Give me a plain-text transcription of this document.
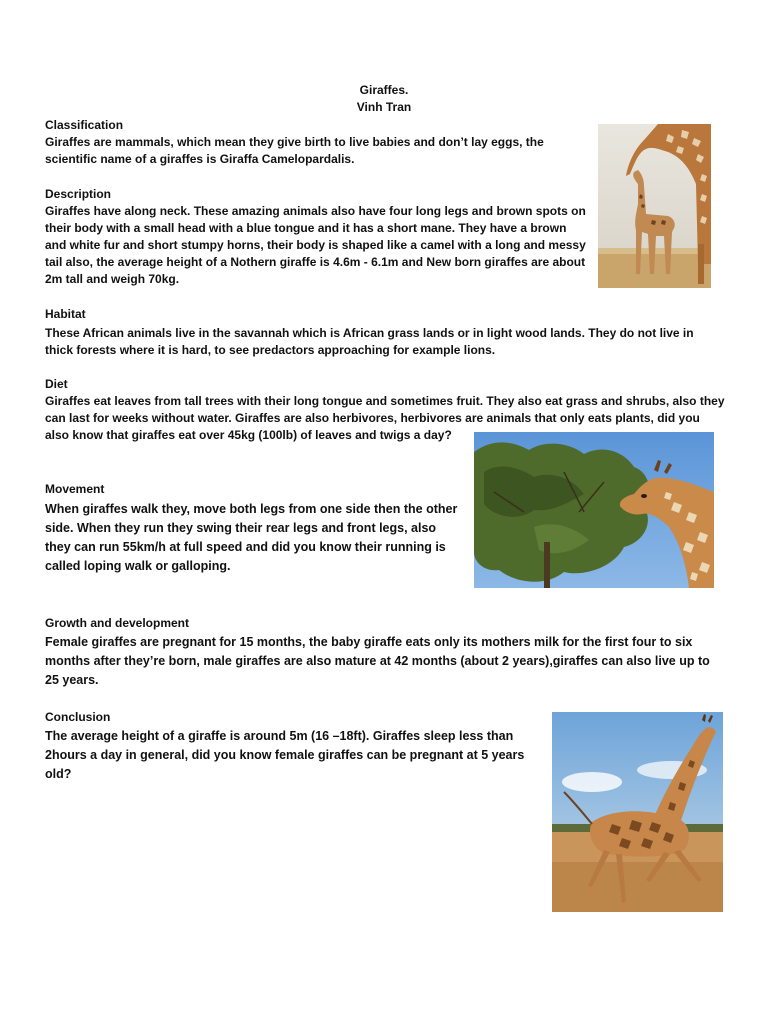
Giraffes.
Vinh Tran
Classification

Giraffes are mammals, which mean they give birth to live babies and don’t lay eggs, the scientific name of a giraffes is Giraffa Camelopardalis.

Description

Giraffes have along neck. These amazing animals also have four long legs and brown spots on their body with a small head with a blue tongue and it has a short mane. They have a brown and white fur and short stumpy horns, their body is shaped like a camel with a long and messy tail also, the average height of a Nothern giraffe is 4.6m - 6.1m and New born giraffes are about 2m tall and weigh 70kg.

Habitat

These African animals live in the savannah which is African grass lands or in light wood lands. They do not live in thick forests where it is hard, to see predactors approaching for example lions.

Diet

Giraffes eat leaves from tall trees with their long tongue and sometimes fruit. They also eat grass and shrubs, also they can last for weeks without water. Giraffes are also herbivores, herbivores are animals that only eats plants, did you also know that giraffes eat over 45kg (100lb) of leaves and twigs a day?

Movement

When giraffes walk they, move both legs from one side then the other side. When they run they swing their rear legs and front legs, also they can run 55km/h at full speed and did you know their running is called loping walk or galloping.

Growth and development

Female giraffes are pregnant for 15 months, the baby giraffe eats only its mothers milk for the first four to six months after they’re born, male giraffes are also mature at 42 months (about 2 years),giraffes can also live up to 25 years.

Conclusion

The average height of a giraffe is around 5m (16 –18ft). Giraffes sleep less than 2hours a day in general, did you know female giraffes can be pregnant at 5 years old?
